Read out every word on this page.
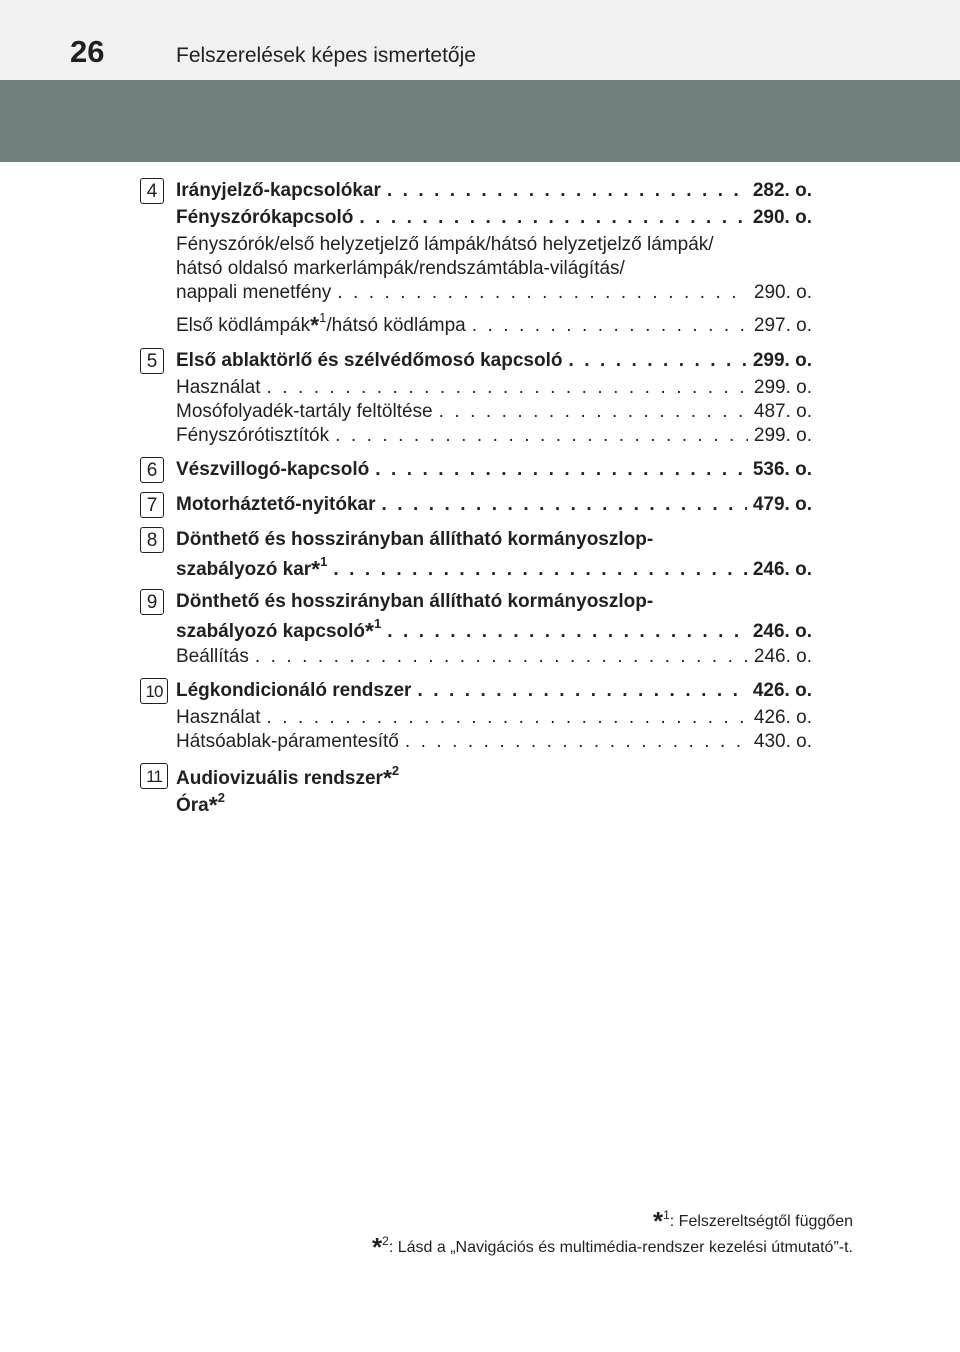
26	Felszerelések képes ismertetője
4 Irányjelző-kapcsolókar . . .	282. o.
Fényszórókapcsoló . . .	290. o.
Fényszórók/első helyzetjelző lámpák/hátsó helyzetjelző lámpák/
hátsó oldalsó markerlámpák/rendszámtábla-világítás/
nappali menetfény . . .	290. o.
Első ködlámpák*$^1$/hátsó ködlámpa . . .	297. o.
5 Első ablaktörlő és szélvédőmosó kapcsoló . . .	299. o.
Használat . . .	299. o.
Mosófolyadék-tartály feltöltése . . .	487. o.
Fényszórótisztítók . . .	299. o.
6 Vészvillogó-kapcsoló . . .	536. o.
7 Motorháztető-nyitókar . . .	479. o.
8 Dönthető és hosszirányban állítható kormányoszlop-
szabályozó kar*$^1$ . . .	246. o.
9 Dönthető és hosszirányban állítható kormányoszlop-
szabályozó kapcsoló*$^1$ . . .	246. o.
Beállítás . . .	246. o.
10 Légkondicionáló rendszer . . .	426. o.
Használat . . .	426. o.
Hátsóablak-páramentesítő . . .	430. o.
11 Audiovizuális rendszer*$^2$
Óra*$^2$
*$^1$: Felszereltségtől függően
*$^2$: Lásd a „Navigációs és multimédia-rendszer kezelési útmutató”-t.
